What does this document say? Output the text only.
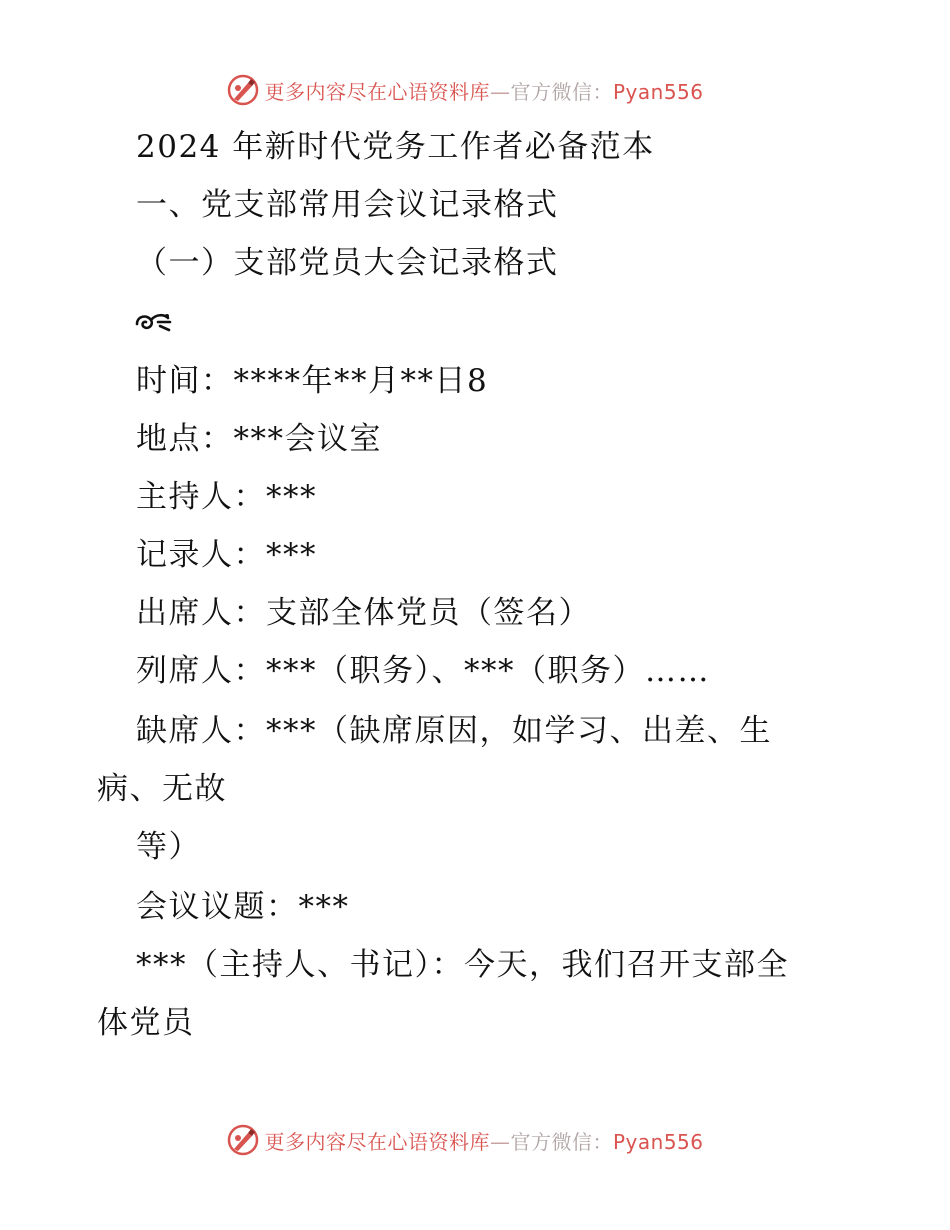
更多内容尽在心语资料库—官方微信：Pyan556
2024 年新时代党务工作者必备范本
一、党支部常用会议记录格式
（一）支部党员大会记录格式
时间：****年**月**日8
地点：***会议室
主持人：***
记录人：***
出席人：支部全体党员（签名）
列席人：***（职务）、***（职务）……
缺席人：***（缺席原因，如学习、出差、生
病、无故
等）
会议议题：***
***（主持人、书记）：今天，我们召开支部全
体党员
更多内容尽在心语资料库—官方微信：Pyan556
